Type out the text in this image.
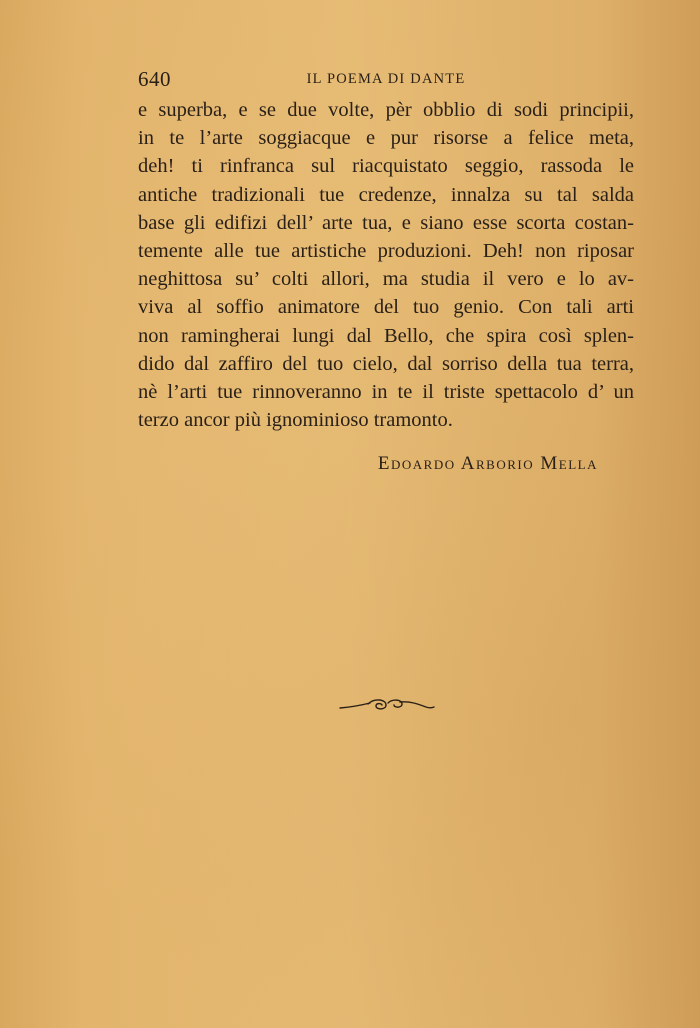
640	IL POEMA DI DANTE
e superba, e se due volte, pèr obblio di sodi principii,
in te l’arte soggiacque e pur risorse a felice meta,
deh! ti rinfranca sul riacquistato seggio, rassoda le
antiche tradizionali tue credenze, innalza su tal salda
base gli edifizi dell’ arte tua, e siano esse scorta costan-
temente alle tue artistiche produzioni. Deh! non riposar
neghittosa su’ colti allori, ma studia il vero e lo av-
viva al soffio animatore del tuo genio. Con tali arti
non ramingherai lungi dal Bello, che spira così splen-
dido dal zaffiro del tuo cielo, dal sorriso della tua terra,
nè l’arti tue rinnoveranno in te il triste spettacolo d’ un
terzo ancor più ignominioso tramonto.
Edoardo Arborio Mella
